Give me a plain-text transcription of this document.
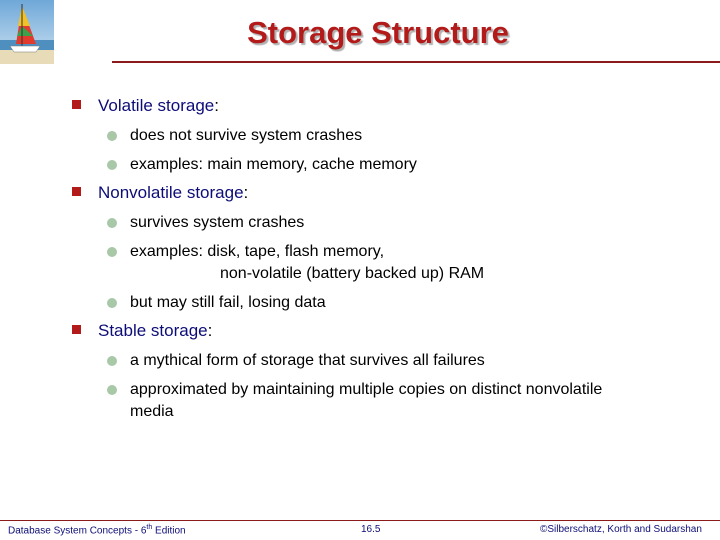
Storage Structure
Volatile storage:
does not survive system crashes
examples: main memory, cache memory
Nonvolatile storage:
survives system crashes
examples: disk, tape, flash memory,
non-volatile (battery backed up) RAM
but may still fail, losing data
Stable storage:
a mythical form of storage that survives all failures
approximated by maintaining multiple copies on distinct nonvolatile
media
Database System Concepts - 6th Edition	16.5	©Silberschatz, Korth and Sudarshan
